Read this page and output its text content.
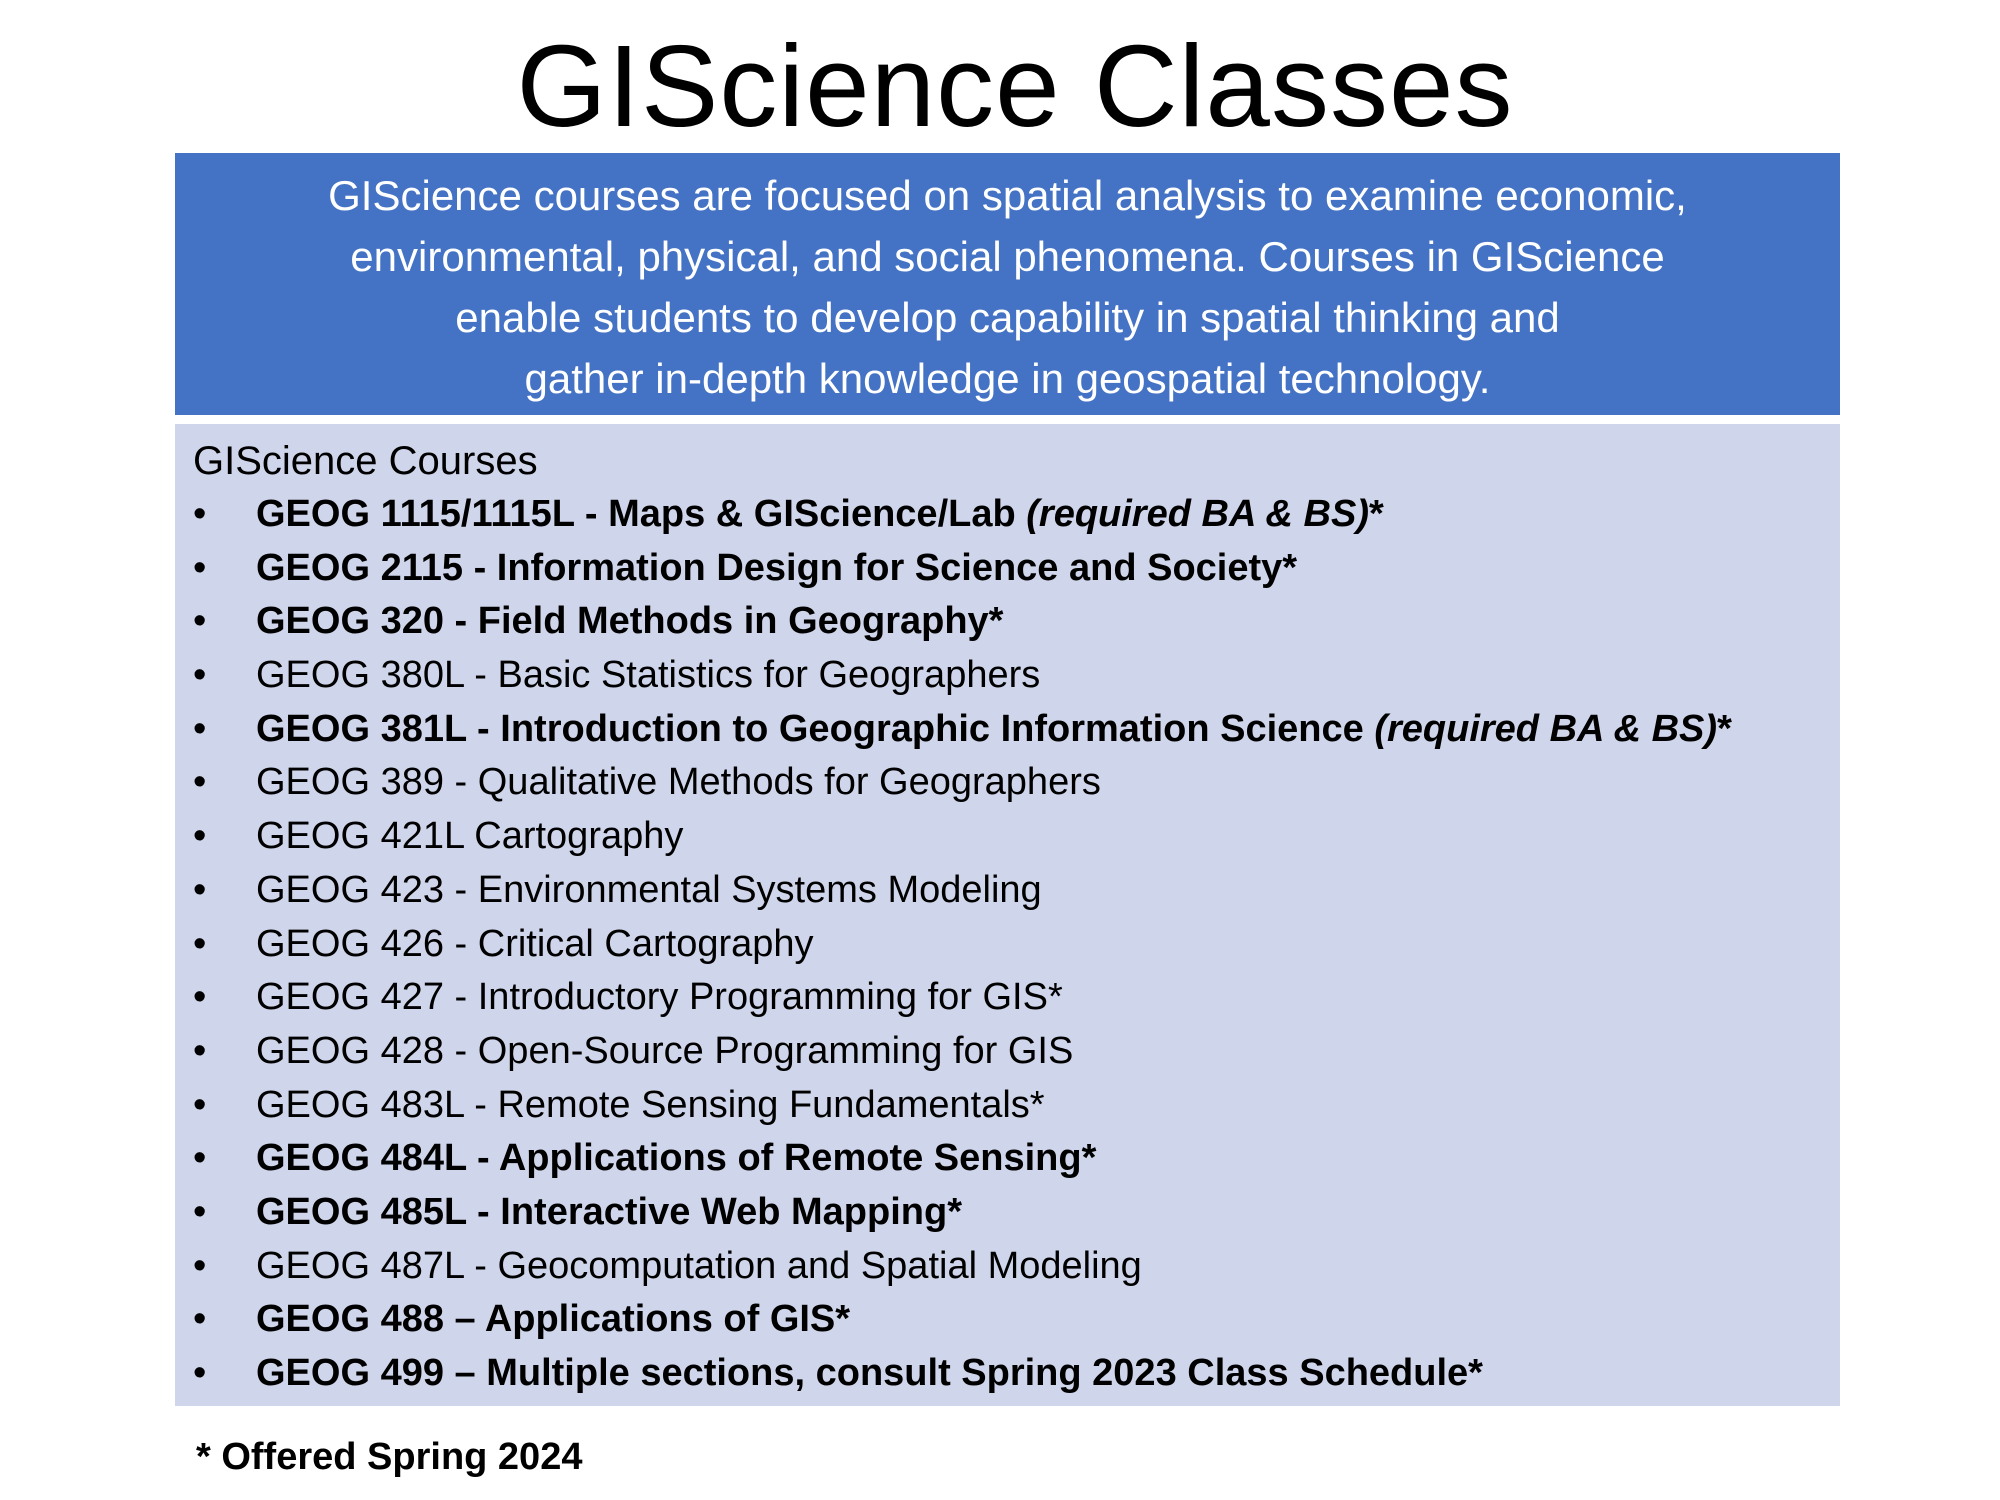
GIScience Classes
GIScience courses are focused on spatial analysis to examine economic,
environmental, physical, and social phenomena. Courses in GIScience
enable students to develop capability in spatial thinking and
gather in-depth knowledge in geospatial technology.
GIScience Courses
• GEOG 1115/1115L - Maps & GIScience/Lab (required BA & BS)*
• GEOG 2115 - Information Design for Science and Society*
• GEOG 320 - Field Methods in Geography*
• GEOG 380L - Basic Statistics for Geographers
• GEOG 381L - Introduction to Geographic Information Science (required BA & BS)*
• GEOG 389 - Qualitative Methods for Geographers
• GEOG 421L Cartography
• GEOG 423 - Environmental Systems Modeling
• GEOG 426 - Critical Cartography
• GEOG 427 - Introductory Programming for GIS*
• GEOG 428 - Open-Source Programming for GIS
• GEOG 483L - Remote Sensing Fundamentals*
• GEOG 484L - Applications of Remote Sensing*
• GEOG 485L - Interactive Web Mapping*
• GEOG 487L - Geocomputation and Spatial Modeling
• GEOG 488 – Applications of GIS*
• GEOG 499 – Multiple sections, consult Spring 2023 Class Schedule*
* Offered Spring 2024
